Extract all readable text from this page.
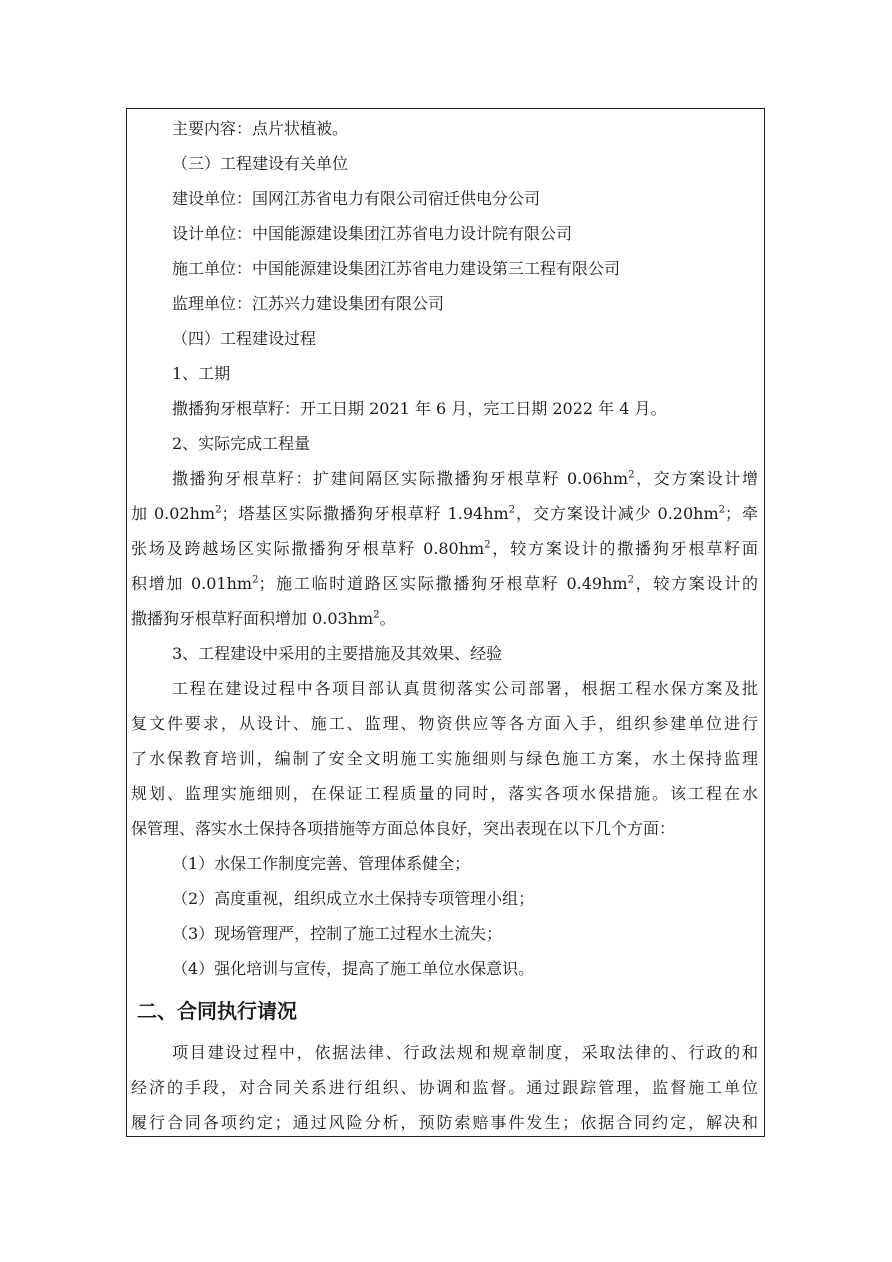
主要内容：点片状植被。
（三）工程建设有关单位
建设单位：国网江苏省电力有限公司宿迁供电分公司
设计单位：中国能源建设集团江苏省电力设计院有限公司
施工单位：中国能源建设集团江苏省电力建设第三工程有限公司
监理单位：江苏兴力建设集团有限公司
（四）工程建设过程
1、工期
撒播狗牙根草籽：开工日期 2021 年 6 月，完工日期 2022 年 4 月。
2、实际完成工程量
撒播狗牙根草籽：扩建间隔区实际撒播狗牙根草籽 $0.06hm^2$，交方案设计增
加 $0.02hm^2$；塔基区实际撒播狗牙根草籽 $1.94hm^2$，交方案设计减少 $0.20hm^2$；牵
张场及跨越场区实际撒播狗牙根草籽 $0.80hm^2$，较方案设计的撒播狗牙根草籽面
积增加 $0.01hm^2$；施工临时道路区实际撒播狗牙根草籽 $0.49hm^2$，较方案设计的
撒播狗牙根草籽面积增加 $0.03hm^2$。
3、工程建设中采用的主要措施及其效果、经验
工程在建设过程中各项目部认真贯彻落实公司部署，根据工程水保方案及批
复文件要求，从设计、施工、监理、物资供应等各方面入手，组织参建单位进行
了水保教育培训，编制了安全文明施工实施细则与绿色施工方案，水土保持监理
规划、监理实施细则，在保证工程质量的同时，落实各项水保措施。该工程在水
保管理、落实水土保持各项措施等方面总体良好，突出表现在以下几个方面：
（1）水保工作制度完善、管理体系健全；
（2）高度重视，组织成立水土保持专项管理小组；
（3）现场管理严，控制了施工过程水土流失；
（4）强化培训与宣传，提高了施工单位水保意识。
二、合同执行请况
项目建设过程中，依据法律、行政法规和规章制度，采取法律的、行政的和
经济的手段，对合同关系进行组织、协调和监督。通过跟踪管理，监督施工单位
履行合同各项约定；通过风险分析，预防索赔事件发生；依据合同约定，解决和
